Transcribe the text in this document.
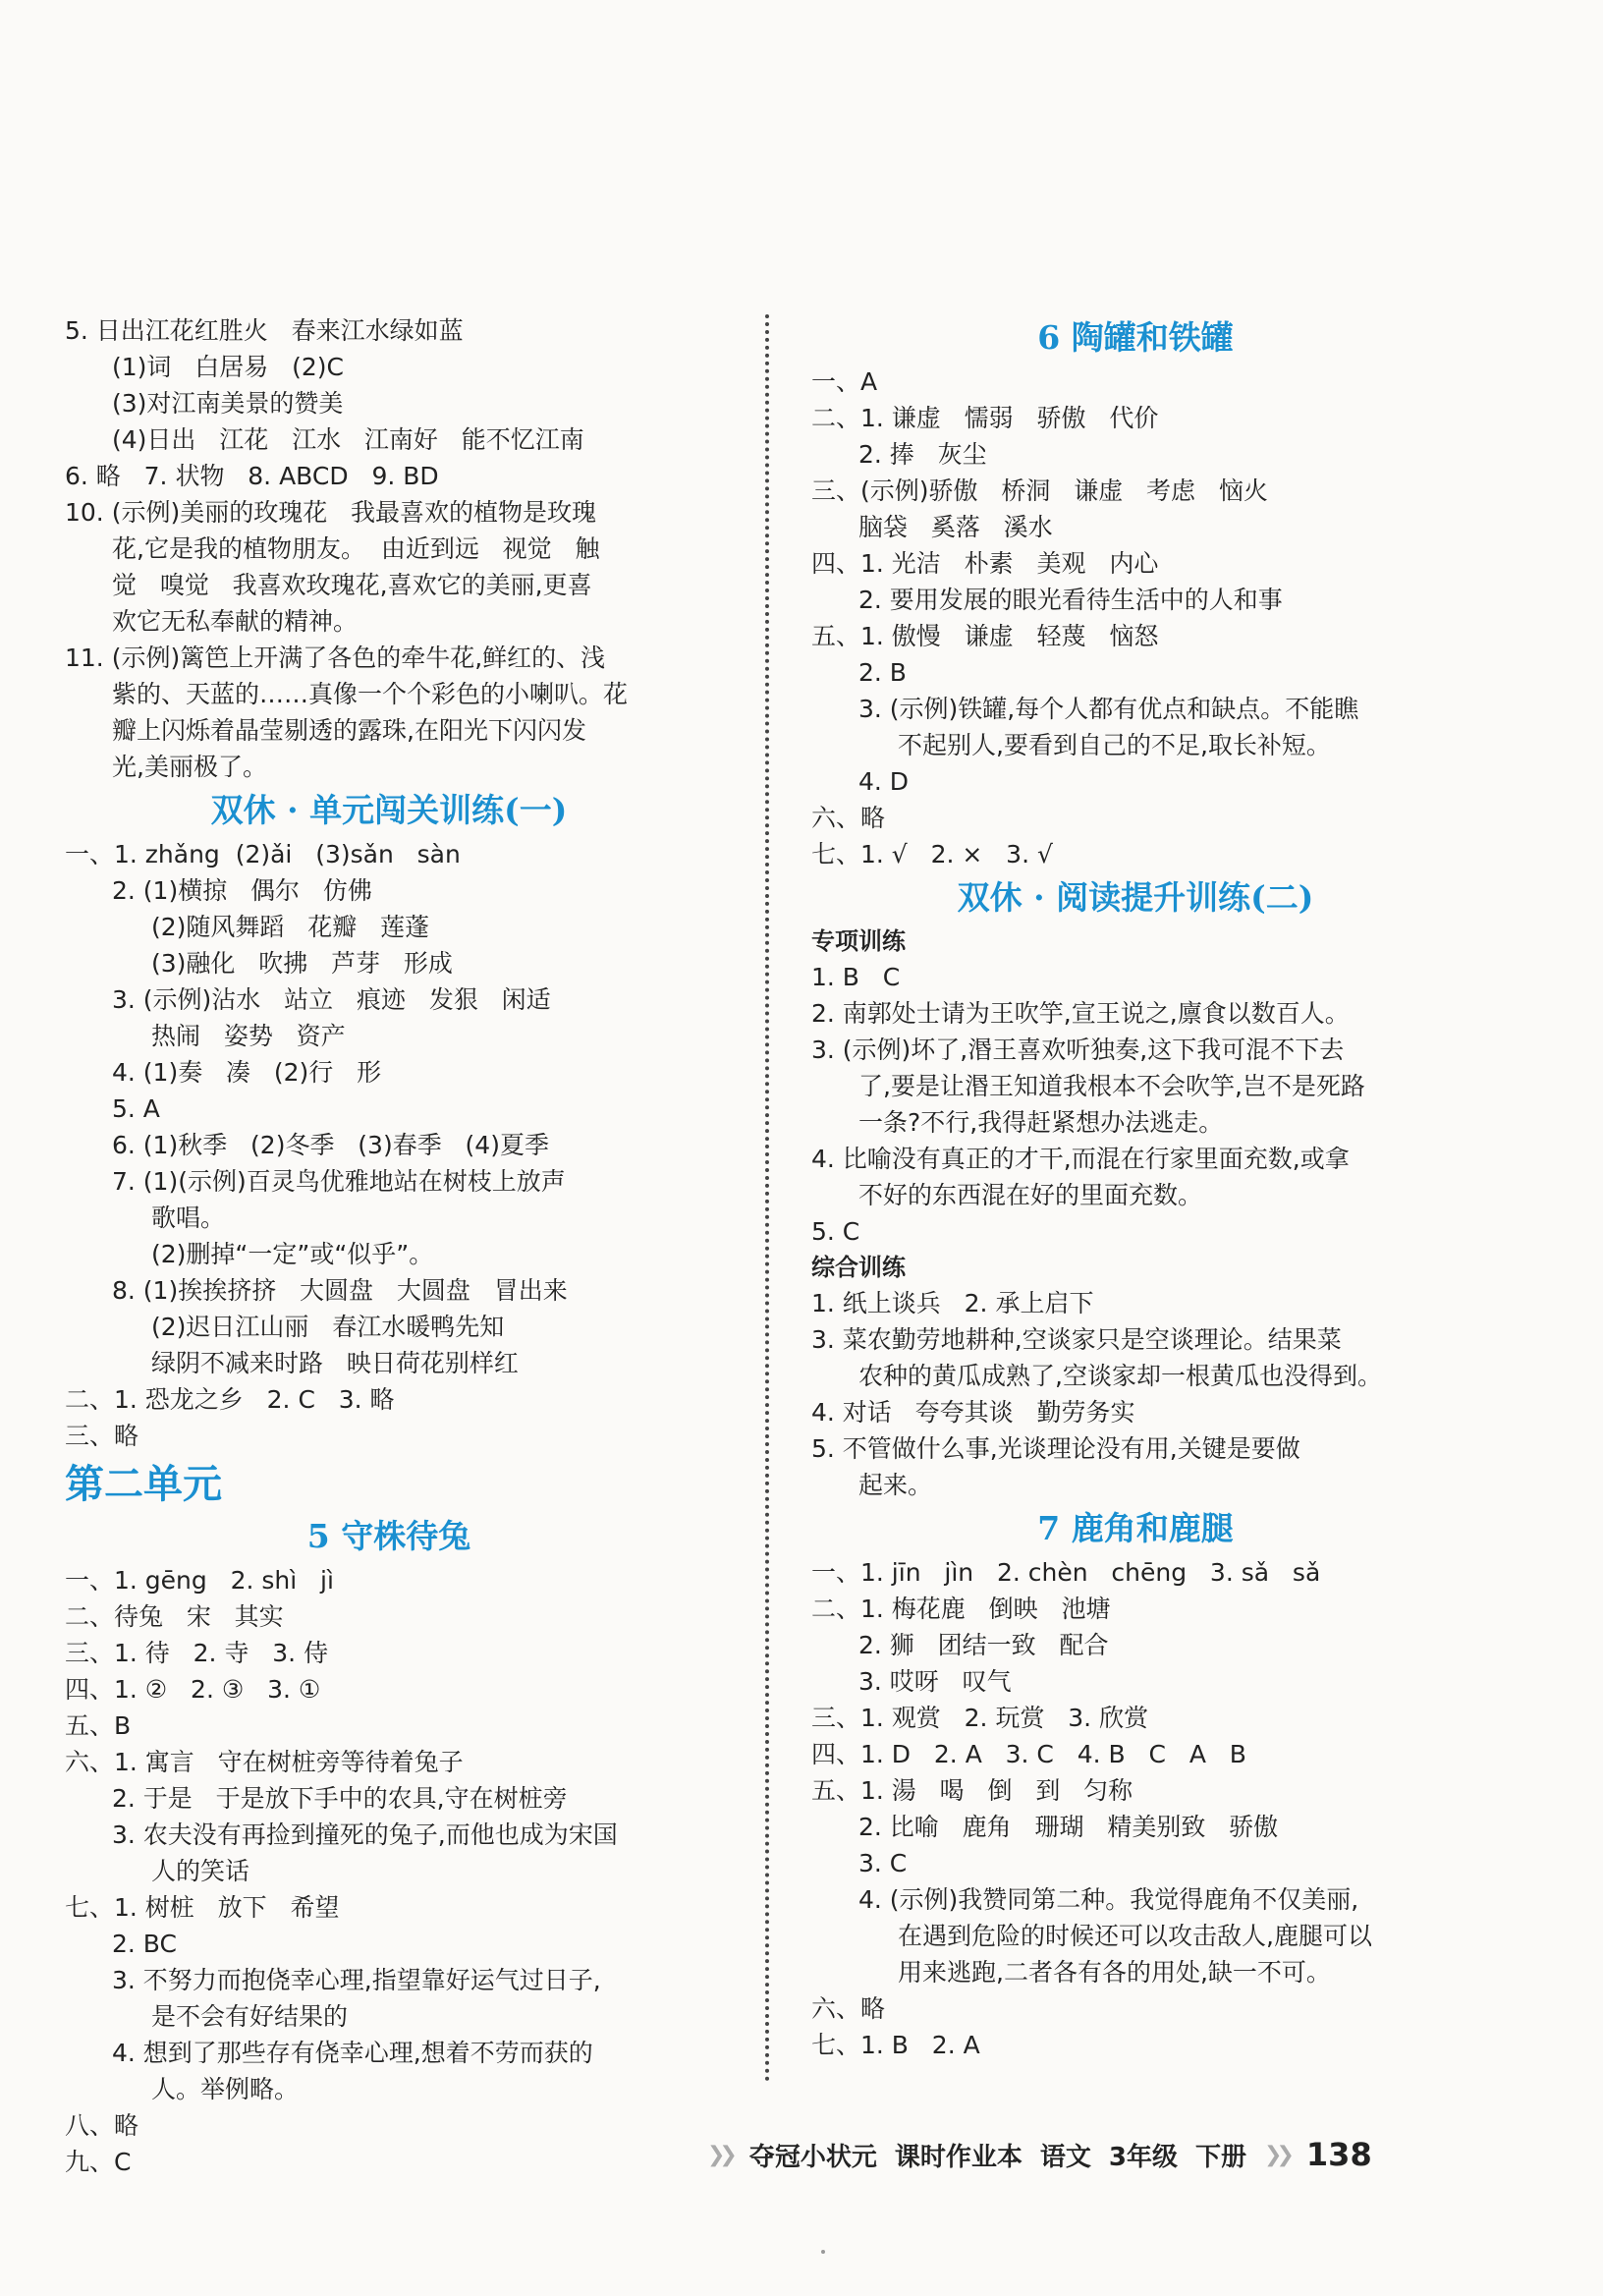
5. 日出江花红胜火   春来江水绿如蓝
(1)词   白居易   (2)C
(3)对江南美景的赞美
(4)日出   江花   江水   江南好   能不忆江南
6. 略   7. 状物   8. ABCD   9. BD
10. (示例)美丽的玫瑰花   我最喜欢的植物是玫瑰
花,它是我的植物朋友。  由近到远   视觉   触
觉   嗅觉   我喜欢玫瑰花,喜欢它的美丽,更喜
欢它无私奉献的精神。
11. (示例)篱笆上开满了各色的牵牛花,鲜红的、浅
紫的、天蓝的……真像一个个彩色的小喇叭。花
瓣上闪烁着晶莹剔透的露珠,在阳光下闪闪发
光,美丽极了。
双休 · 单元闯关训练(一)
一、1. zhǎng  (2)ǎi   (3)sǎn   sàn
2. (1)横掠   偶尔   仿佛
(2)随风舞蹈   花瓣   莲蓬
(3)融化   吹拂   芦芽   形成
3. (示例)沾水   站立   痕迹   发狠   闲适
热闹   姿势   资产
4. (1)奏   凑   (2)行   形
5. A
6. (1)秋季   (2)冬季   (3)春季   (4)夏季
7. (1)(示例)百灵鸟优雅地站在树枝上放声
歌唱。
(2)删掉“一定”或“似乎”。
8. (1)挨挨挤挤   大圆盘   大圆盘   冒出来
(2)迟日江山丽   春江水暖鸭先知
绿阴不减来时路   映日荷花别样红
二、1. 恐龙之乡   2. C   3. 略
三、略
第二单元
5 守株待兔
一、1. gēng   2. shì   jì
二、待兔   宋   其实
三、1. 待   2. 寺   3. 侍
四、1. ②   2. ③   3. ①
五、B
六、1. 寓言   守在树桩旁等待着兔子
2. 于是   于是放下手中的农具,守在树桩旁
3. 农夫没有再捡到撞死的兔子,而他也成为宋国
人的笑话
七、1. 树桩   放下   希望
2. BC
3. 不努力而抱侥幸心理,指望靠好运气过日子,
是不会有好结果的
4. 想到了那些存有侥幸心理,想着不劳而获的
人。举例略。
八、略
九、C
6 陶罐和铁罐
一、A
二、1. 谦虚   懦弱   骄傲   代价
2. 捧   灰尘
三、(示例)骄傲   桥洞   谦虚   考虑   恼火
脑袋   奚落   溪水
四、1. 光洁   朴素   美观   内心
2. 要用发展的眼光看待生活中的人和事
五、1. 傲慢   谦虚   轻蔑   恼怒
2. B
3. (示例)铁罐,每个人都有优点和缺点。不能瞧
不起别人,要看到自己的不足,取长补短。
4. D
六、略
七、1. √   2. ×   3. √
双休 · 阅读提升训练(二)
专项训练
1. B   C
2. 南郭处士请为王吹竽,宣王说之,廪食以数百人。
3. (示例)坏了,湣王喜欢听独奏,这下我可混不下去
了,要是让湣王知道我根本不会吹竽,岂不是死路
一条?不行,我得赶紧想办法逃走。
4. 比喻没有真正的才干,而混在行家里面充数,或拿
不好的东西混在好的里面充数。
5. C
综合训练
1. 纸上谈兵   2. 承上启下
3. 菜农勤劳地耕种,空谈家只是空谈理论。结果菜
农种的黄瓜成熟了,空谈家却一根黄瓜也没得到。
4. 对话   夸夸其谈   勤劳务实
5. 不管做什么事,光谈理论没有用,关键是要做
起来。
7 鹿角和鹿腿
一、1. jīn   jìn   2. chèn   chēng   3. sǎ   sǎ
二、1. 梅花鹿   倒映   池塘
2. 狮   团结一致   配合
3. 哎呀   叹气
三、1. 观赏   2. 玩赏   3. 欣赏
四、1. D   2. A   3. C   4. B   C   A   B
五、1. 湯   喝   倒   到   匀称
2. 比喻   鹿角   珊瑚   精美别致   骄傲
3. C
4. (示例)我赞同第二种。我觉得鹿角不仅美丽,
在遇到危险的时候还可以攻击敌人,鹿腿可以
用来逃跑,二者各有各的用处,缺一不可。
六、略
七、1. B   2. A
❯❯ 夺冠小状元 课时作业本 语文 3年级 下册 ❯❯ 138
